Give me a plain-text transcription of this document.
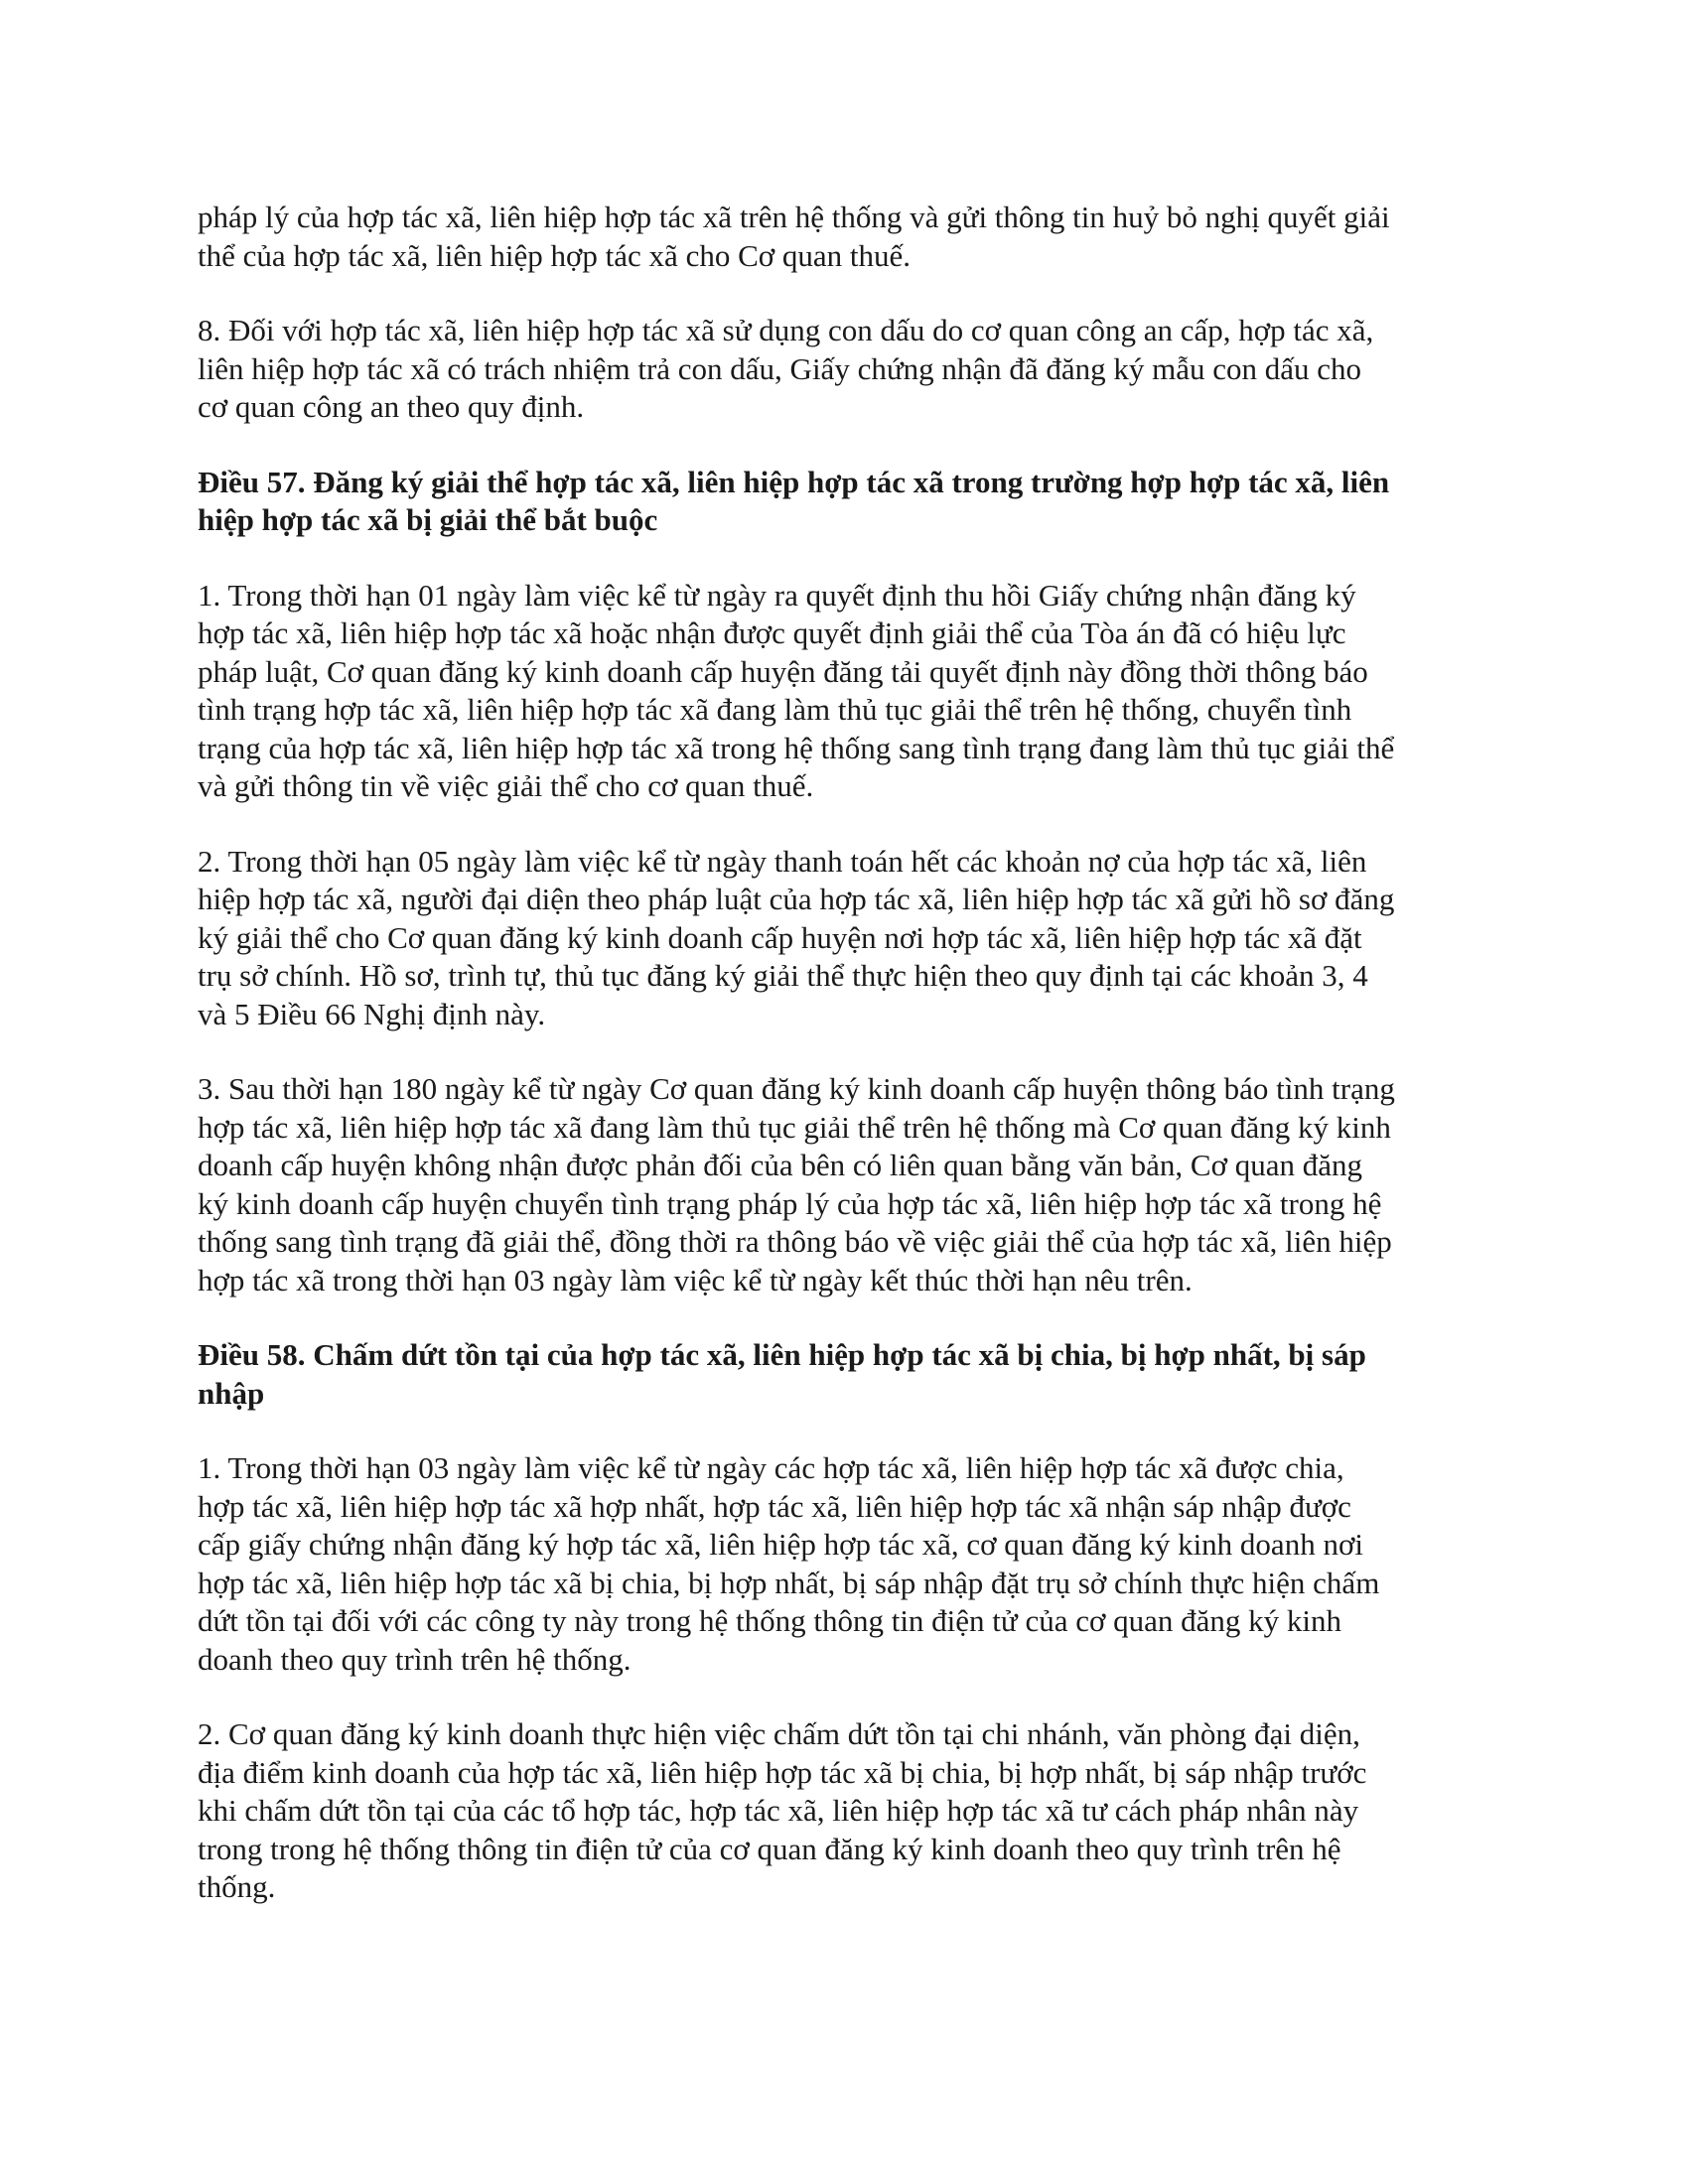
pháp lý của hợp tác xã, liên hiệp hợp tác xã trên hệ thống và gửi thông tin huỷ bỏ nghị quyết giải
thể của hợp tác xã, liên hiệp hợp tác xã cho Cơ quan thuế.

8. Đối với hợp tác xã, liên hiệp hợp tác xã sử dụng con dấu do cơ quan công an cấp, hợp tác xã,
liên hiệp hợp tác xã có trách nhiệm trả con dấu, Giấy chứng nhận đã đăng ký mẫu con dấu cho
cơ quan công an theo quy định.

Điều 57. Đăng ký giải thể hợp tác xã, liên hiệp hợp tác xã trong trường hợp hợp tác xã, liên
hiệp hợp tác xã bị giải thể bắt buộc

1. Trong thời hạn 01 ngày làm việc kể từ ngày ra quyết định thu hồi Giấy chứng nhận đăng ký
hợp tác xã, liên hiệp hợp tác xã hoặc nhận được quyết định giải thể của Tòa án đã có hiệu lực
pháp luật, Cơ quan đăng ký kinh doanh cấp huyện đăng tải quyết định này đồng thời thông báo
tình trạng hợp tác xã, liên hiệp hợp tác xã đang làm thủ tục giải thể trên hệ thống, chuyển tình
trạng của hợp tác xã, liên hiệp hợp tác xã trong hệ thống sang tình trạng đang làm thủ tục giải thể
và gửi thông tin về việc giải thể cho cơ quan thuế.

2. Trong thời hạn 05 ngày làm việc kể từ ngày thanh toán hết các khoản nợ của hợp tác xã, liên
hiệp hợp tác xã, người đại diện theo pháp luật của hợp tác xã, liên hiệp hợp tác xã gửi hồ sơ đăng
ký giải thể cho Cơ quan đăng ký kinh doanh cấp huyện nơi hợp tác xã, liên hiệp hợp tác xã đặt
trụ sở chính. Hồ sơ, trình tự, thủ tục đăng ký giải thể thực hiện theo quy định tại các khoản 3, 4
và 5 Điều 66 Nghị định này.

3. Sau thời hạn 180 ngày kể từ ngày Cơ quan đăng ký kinh doanh cấp huyện thông báo tình trạng
hợp tác xã, liên hiệp hợp tác xã đang làm thủ tục giải thể trên hệ thống mà Cơ quan đăng ký kinh
doanh cấp huyện không nhận được phản đối của bên có liên quan bằng văn bản, Cơ quan đăng
ký kinh doanh cấp huyện chuyển tình trạng pháp lý của hợp tác xã, liên hiệp hợp tác xã trong hệ
thống sang tình trạng đã giải thể, đồng thời ra thông báo về việc giải thể của hợp tác xã, liên hiệp
hợp tác xã trong thời hạn 03 ngày làm việc kể từ ngày kết thúc thời hạn nêu trên.

Điều 58. Chấm dứt tồn tại của hợp tác xã, liên hiệp hợp tác xã bị chia, bị hợp nhất, bị sáp
nhập

1. Trong thời hạn 03 ngày làm việc kể từ ngày các hợp tác xã, liên hiệp hợp tác xã được chia,
hợp tác xã, liên hiệp hợp tác xã hợp nhất, hợp tác xã, liên hiệp hợp tác xã nhận sáp nhập được
cấp giấy chứng nhận đăng ký hợp tác xã, liên hiệp hợp tác xã, cơ quan đăng ký kinh doanh nơi
hợp tác xã, liên hiệp hợp tác xã bị chia, bị hợp nhất, bị sáp nhập đặt trụ sở chính thực hiện chấm
dứt tồn tại đối với các công ty này trong hệ thống thông tin điện tử của cơ quan đăng ký kinh
doanh theo quy trình trên hệ thống.

2. Cơ quan đăng ký kinh doanh thực hiện việc chấm dứt tồn tại chi nhánh, văn phòng đại diện,
địa điểm kinh doanh của hợp tác xã, liên hiệp hợp tác xã bị chia, bị hợp nhất, bị sáp nhập trước
khi chấm dứt tồn tại của các tổ hợp tác, hợp tác xã, liên hiệp hợp tác xã tư cách pháp nhân này
trong trong hệ thống thông tin điện tử của cơ quan đăng ký kinh doanh theo quy trình trên hệ
thống.
